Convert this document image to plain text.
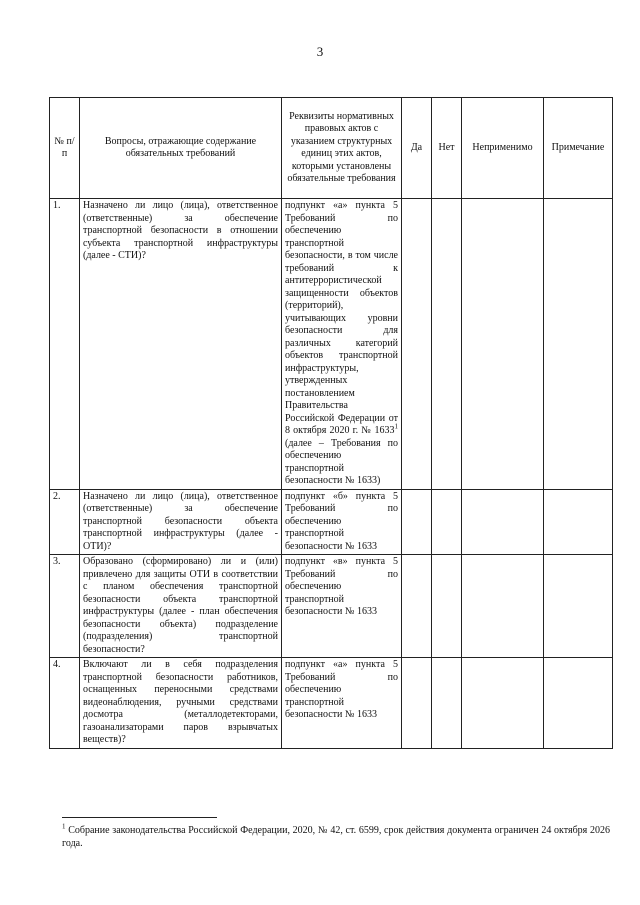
3
№ п/п	Вопросы, отражающие содержание обязательных требований	Реквизиты нормативных правовых актов с указанием структурных единиц этих актов, которыми установлены обязательные требования	Да	Нет	Неприменимо	Примечание
1.	Назначено ли лицо (лица), ответственное (ответственные) за обеспечение транспортной безопасности в отношении субъекта транспортной инфраструктуры (далее - СТИ)?	подпункт «а» пункта 5 Требований по обеспечению транспортной безопасности, в том числе требований к антитеррористической защищенности объектов (территорий), учитывающих уровни безопасности для различных категорий объектов транспортной инфраструктуры, утвержденных постановлением Правительства Российской Федерации от 8 октября 2020 г. № 1633$^1$ (далее – Требования по обеспечению транспортной безопасности № 1633)				
2.	Назначено ли лицо (лица), ответственное (ответственные) за обеспечение транспортной безопасности объекта транспортной инфраструктуры (далее - ОТИ)?	подпункт «б» пункта 5 Требований по обеспечению транспортной безопасности № 1633				
3.	Образовано (сформировано) ли и (или) привлечено для защиты ОТИ в соответствии с планом обеспечения транспортной безопасности объекта транспортной инфраструктуры (далее - план обеспечения безопасности объекта) подразделение (подразделения) транспортной безопасности?	подпункт «в» пункта 5 Требований по обеспечению транспортной безопасности № 1633				
4.	Включают ли в себя подразделения транспортной безопасности работников, оснащенных переносными средствами видеонаблюдения, ручными средствами досмотра (металлодетекторами, газоанализаторами паров взрывчатых веществ)?	подпункт «а» пункта 5 Требований по обеспечению транспортной безопасности № 1633				
$^1$ Собрание законодательства Российской Федерации, 2020, № 42, ст. 6599, срок действия документа ограничен 24 октября 2026 года.
